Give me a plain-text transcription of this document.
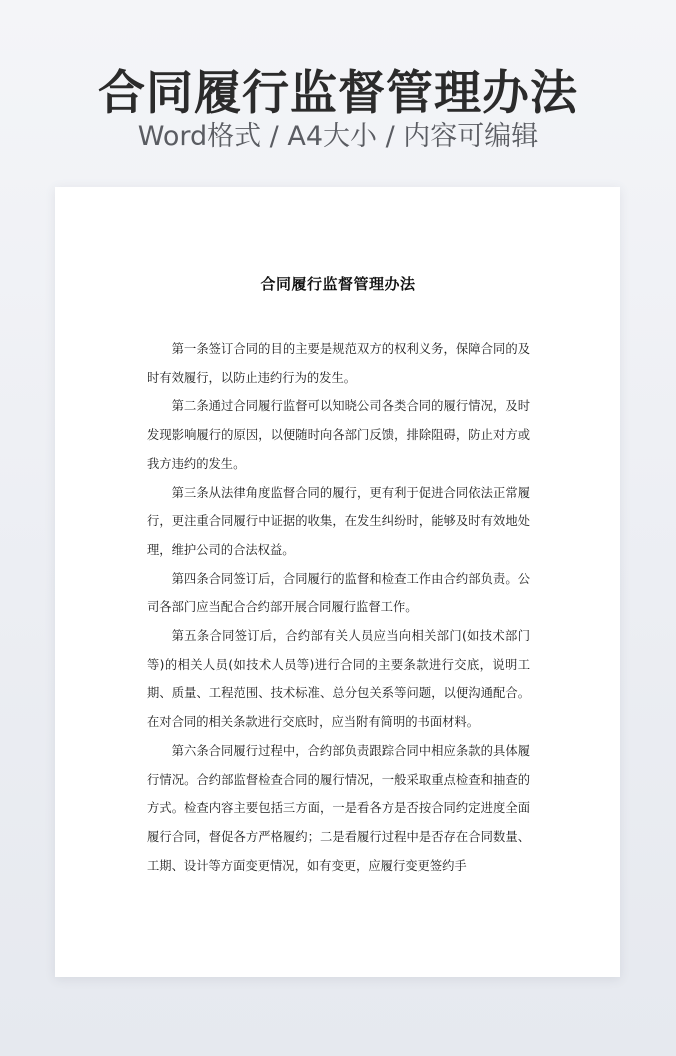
合同履行监督管理办法
Word格式 / A4大小 / 内容可编辑
合同履行监督管理办法

第一条签订合同的目的主要是规范双方的权利义务，保障合同的及时有效履行，以防止违约行为的发生。

第二条通过合同履行监督可以知晓公司各类合同的履行情况，及时发现影响履行的原因，以便随时向各部门反馈，排除阻碍，防止对方或我方违约的发生。

第三条从法律角度监督合同的履行，更有利于促进合同依法正常履行，更注重合同履行中证据的收集，在发生纠纷时，能够及时有效地处理，维护公司的合法权益。

第四条合同签订后，合同履行的监督和检查工作由合约部负责。公司各部门应当配合合约部开展合同履行监督工作。

第五条合同签订后，合约部有关人员应当向相关部门(如技术部门等)的相关人员(如技术人员等)进行合同的主要条款进行交底，说明工期、质量、工程范围、技术标准、总分包关系等问题，以便沟通配合。在对合同的相关条款进行交底时，应当附有简明的书面材料。

第六条合同履行过程中，合约部负责跟踪合同中相应条款的具体履行情况。合约部监督检查合同的履行情况，一般采取重点检查和抽查的方式。检查内容主要包括三方面，一是看各方是否按合同约定进度全面履行合同，督促各方严格履约；二是看履行过程中是否存在合同数量、工期、设计等方面变更情况，如有变更，应履行变更签约手
